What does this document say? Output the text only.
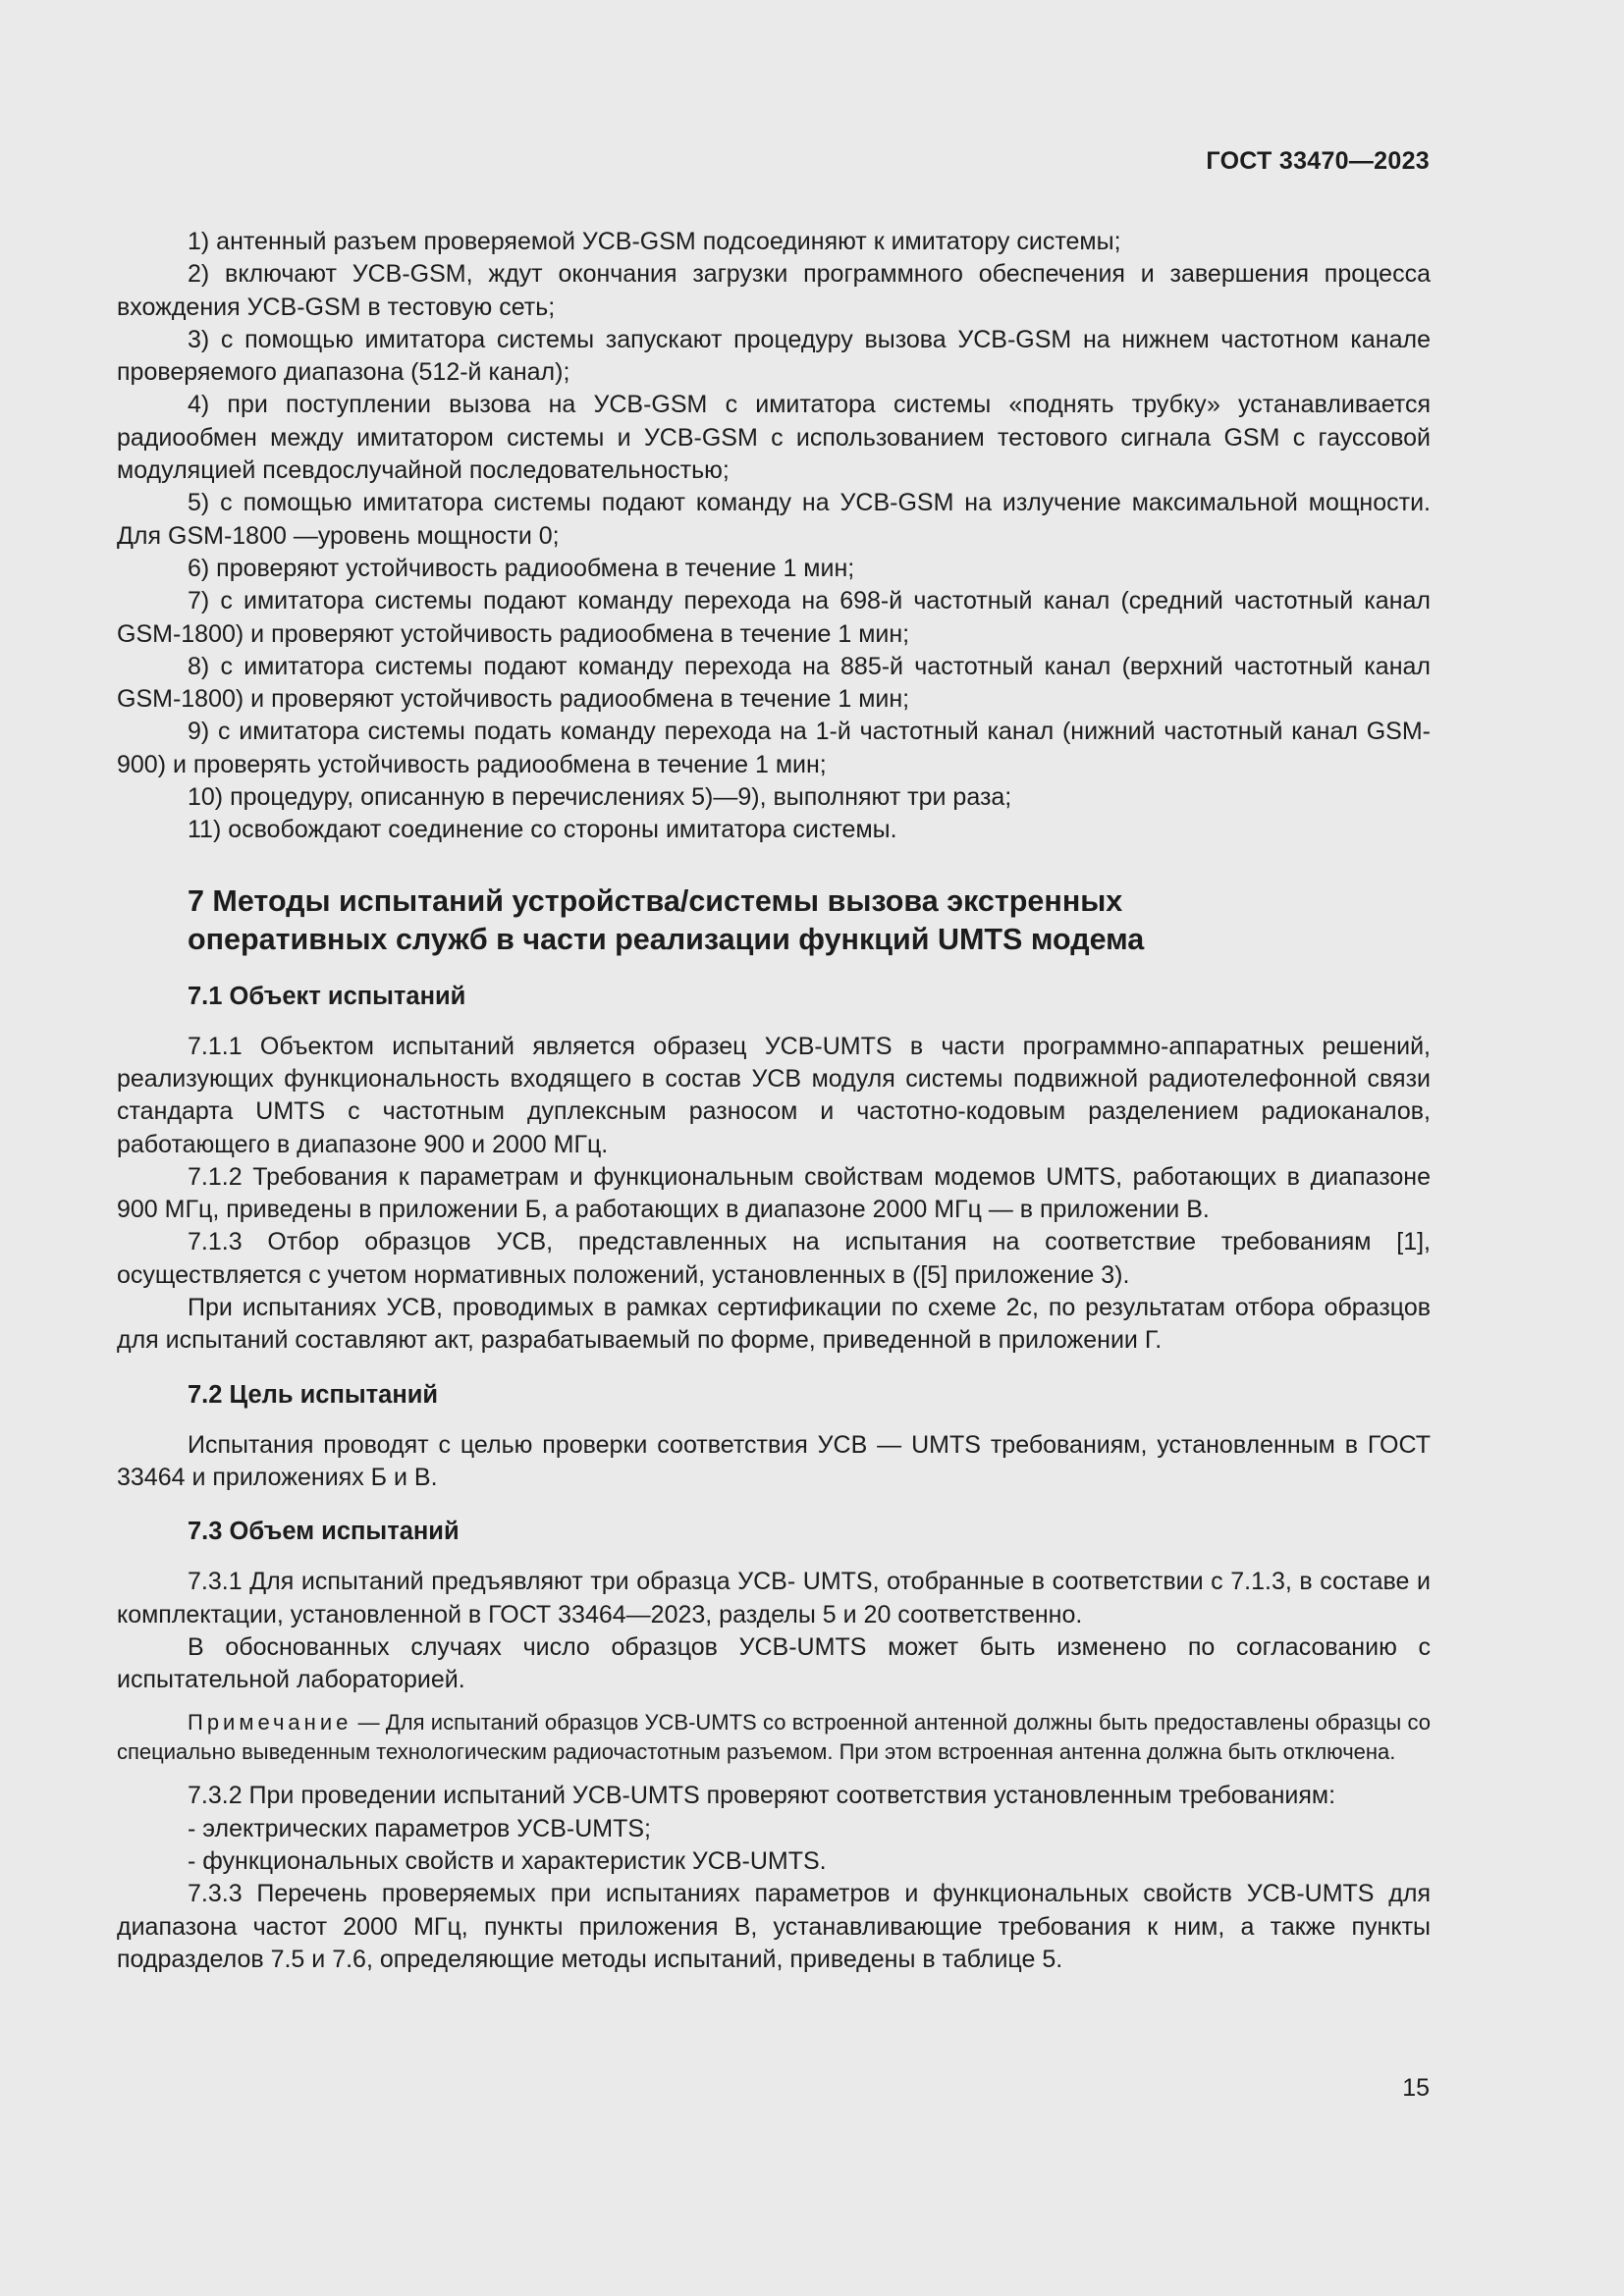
ГОСТ 33470—2023

1) антенный разъем проверяемой УСВ-GSM подсоединяют к имитатору системы;

2) включают УСВ-GSM, ждут окончания загрузки программного обеспечения и завершения процесса вхождения УСВ-GSM в тестовую сеть;

3) с помощью имитатора системы запускают процедуру вызова УСВ-GSM на нижнем частотном канале проверяемого диапазона (512-й канал);

4) при поступлении вызова на УСВ-GSM с имитатора системы «поднять трубку» устанавливается радиообмен между имитатором системы и УСВ-GSM с использованием тестового сигнала GSM с гауссовой модуляцией псевдослучайной последовательностью;

5) с помощью имитатора системы подают команду на УСВ-GSM на излучение максимальной мощности. Для GSM-1800 —уровень мощности 0;

6) проверяют устойчивость радиообмена в течение 1 мин;

7) с имитатора системы подают команду перехода на 698-й частотный канал (средний частотный канал GSM-1800) и проверяют устойчивость радиообмена в течение 1 мин;

8) с имитатора системы подают команду перехода на 885-й частотный канал (верхний частотный канал GSM-1800) и проверяют устойчивость радиообмена в течение 1 мин;

9) с имитатора системы подать команду перехода на 1-й частотный канал (нижний частотный канал GSM-900) и проверять устойчивость радиообмена в течение 1 мин;

10) процедуру, описанную в перечислениях 5)—9), выполняют три раза;

11) освобождают соединение со стороны имитатора системы.

7 Методы испытаний устройства/системы вызова экстренных
оперативных служб в части реализации функций UMTS модема
7.1 Объект испытаний

7.1.1 Объектом испытаний является образец УСВ-UMTS в части программно-аппаратных решений, реализующих функциональность входящего в состав УСВ модуля системы подвижной радиотелефонной связи стандарта UMTS с частотным дуплексным разносом и частотно-кодовым разделением радиоканалов, работающего в диапазоне 900 и 2000 МГц.

7.1.2 Требования к параметрам и функциональным свойствам модемов UMTS, работающих в диапазоне 900 МГц, приведены в приложении Б, а работающих в диапазоне 2000 МГц — в приложении В.

7.1.3 Отбор образцов УСВ, представленных на испытания на соответствие требованиям [1], осуществляется с учетом нормативных положений, установленных в ([5] приложение 3).

При испытаниях УСВ, проводимых в рамках сертификации по схеме 2с, по результатам отбора образцов для испытаний составляют акт, разрабатываемый по форме, приведенной в приложении Г.

7.2 Цель испытаний

Испытания проводят с целью проверки соответствия УСВ — UMTS требованиям, установленным в ГОСТ 33464 и приложениях Б и В.

7.3 Объем испытаний

7.3.1 Для испытаний предъявляют три образца УСВ- UMTS, отобранные в соответствии с 7.1.3, в составе и комплектации, установленной в ГОСТ 33464—2023, разделы 5 и 20 соответственно.

В обоснованных случаях число образцов УСВ-UMTS может быть изменено по согласованию с испытательной лабораторией.

Примечание — Для испытаний образцов УСВ-UMTS со встроенной антенной должны быть предоставлены образцы со специально выведенным технологическим радиочастотным разъемом. При этом встроенная антенна должна быть отключена.

7.3.2 При проведении испытаний УСВ-UMTS проверяют соответствия установленным требованиям:

- электрических параметров УСВ-UMTS;

- функциональных свойств и характеристик УСВ-UMTS.

7.3.3 Перечень проверяемых при испытаниях параметров и функциональных свойств УСВ-UMTS для диапазона частот 2000 МГц, пункты приложения В, устанавливающие требования к ним, а также пункты подразделов 7.5 и 7.6, определяющие методы испытаний, приведены в таблице 5.

15
